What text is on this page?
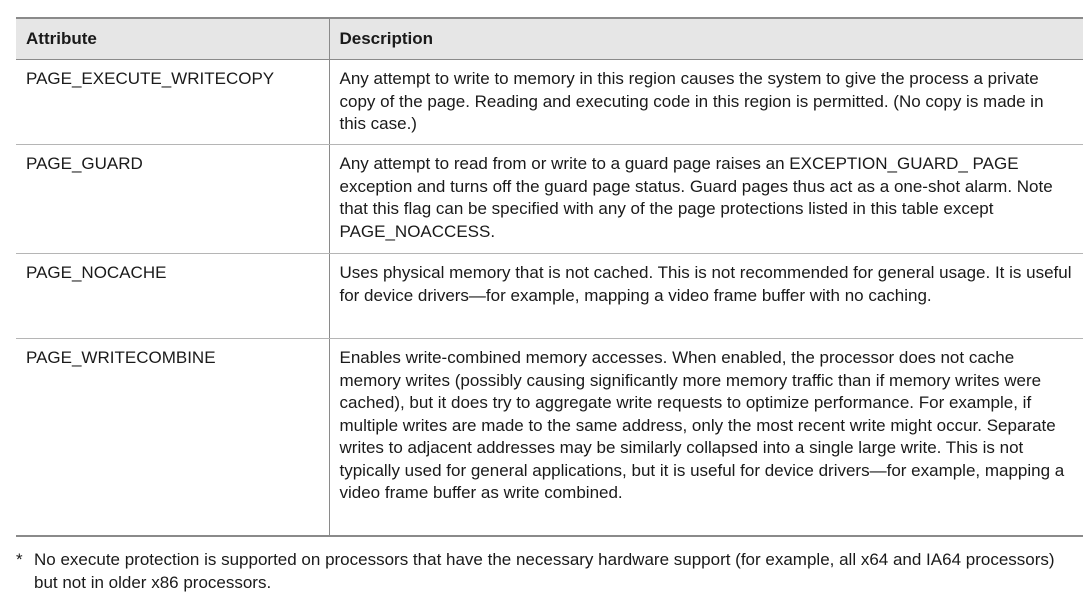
Attribute	Description
PAGE_EXECUTE_WRITECOPY	Any attempt to write to memory in this region causes the system to give the process a private copy of the page. Reading and executing code in this region is permitted. (No copy is made in this case.)
PAGE_GUARD	Any attempt to read from or write to a guard page raises an EXCEPTION_GUARD_ PAGE exception and turns off the guard page status. Guard pages thus act as a one-shot alarm. Note that this flag can be specified with any of the page protections listed in this table except PAGE_NOACCESS.
PAGE_NOCACHE	Uses physical memory that is not cached. This is not recommended for general usage. It is useful for device drivers—for example, mapping a video frame buffer with no caching.
PAGE_WRITECOMBINE	Enables write-combined memory accesses. When enabled, the processor does not cache memory writes (possibly causing significantly more memory traffic than if memory writes were cached), but it does try to aggregate write requests to optimize performance. For example, if multiple writes are made to the same address, only the most recent write might occur. Separate writes to adjacent addresses may be similarly collapsed into a single large write. This is not typically used for general applications, but it is useful for device drivers—for example, mapping a video frame buffer as write combined.
* No execute protection is supported on processors that have the necessary hardware support (for example, all x64 and IA64 processors) but not in older x86 processors.
